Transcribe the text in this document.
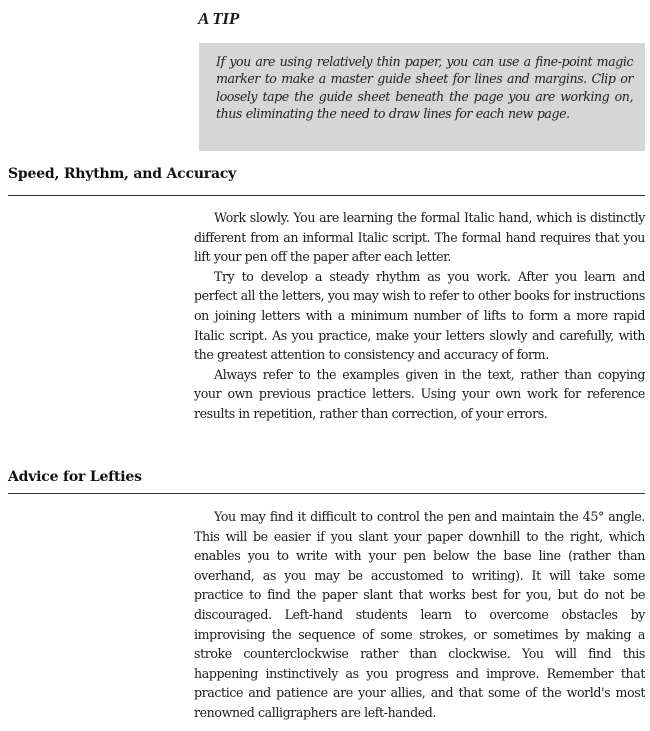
A TIP

If you are using relatively thin paper, you can use a fine-point magic marker to make a master guide sheet for lines and margins. Clip or loosely tape the guide sheet beneath the page you are working on, thus eliminating the need to draw lines for each new page.

Speed, Rhythm, and Accuracy

Work slowly. You are learning the formal Italic hand, which is distinctly different from an informal Italic script. The formal hand requires that you lift your pen off the paper after each letter.

Try to develop a steady rhythm as you work. After you learn and perfect all the letters, you may wish to refer to other books for instructions on joining letters with a minimum number of lifts to form a more rapid Italic script. As you practice, make your letters slowly and carefully, with the greatest attention to consistency and accuracy of form.

Always refer to the examples given in the text, rather than copying your own previous practice letters. Using your own work for reference results in repetition, rather than correction, of your errors.

Advice for Lefties

You may find it difficult to control the pen and maintain the 45° angle. This will be easier if you slant your paper downhill to the right, which enables you to write with your pen below the base line (rather than overhand, as you may be accustomed to writing). It will take some practice to find the paper slant that works best for you, but do not be discouraged. Left-hand students learn to overcome obstacles by improvising the sequence of some strokes, or sometimes by making a stroke counterclockwise rather than clockwise. You will find this happening instinctively as you progress and improve. Remember that practice and patience are your allies, and that some of the world's most renowned calligraphers are left-handed.
